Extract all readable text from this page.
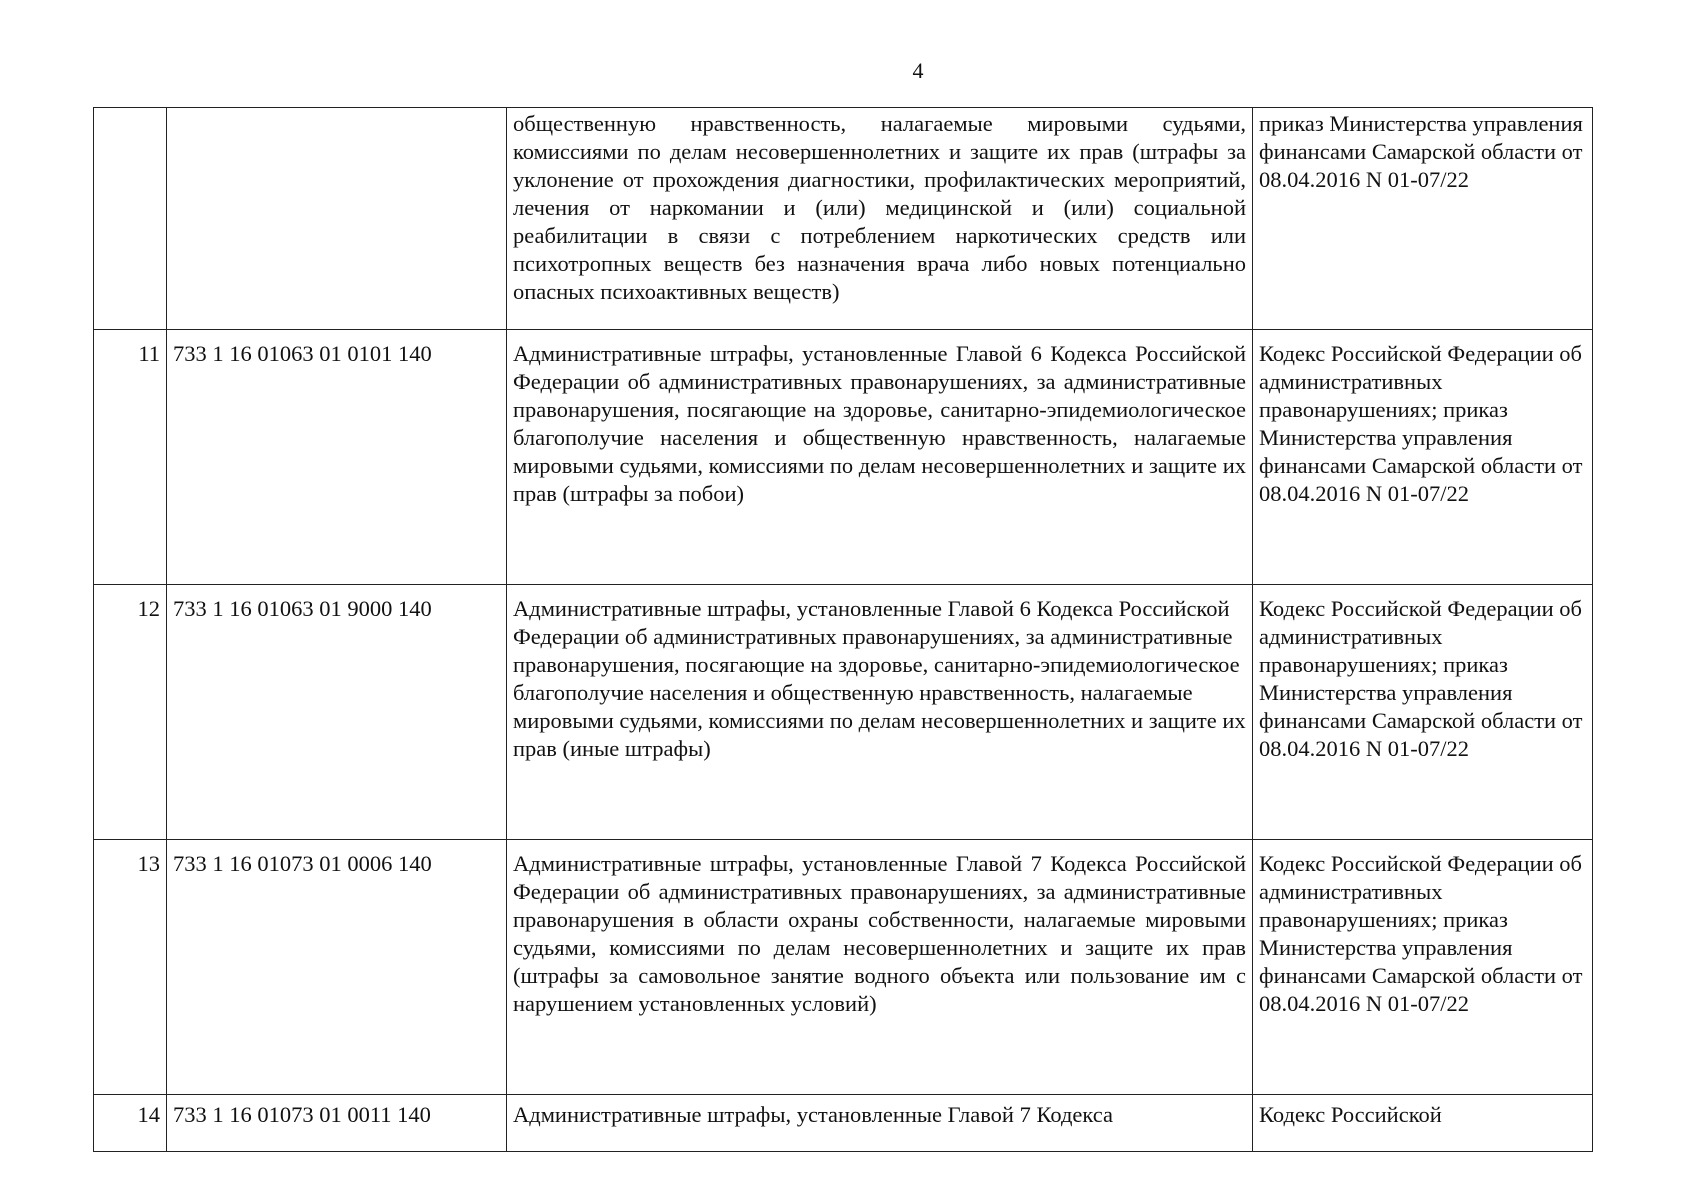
4
		общественную нравственность, налагаемые мировыми судьями, комиссиями по делам несовершеннолетних и защите их прав (штрафы за уклонение от прохождения диагностики, профилактических мероприятий, лечения от наркомании и (или) медицинской и (или) социальной реабилитации в связи с потреблением наркотических средств или психотропных веществ без назначения врача либо новых потенциально опасных психоактивных веществ)	приказ Министерства управления финансами Самарской области от 08.04.2016 N 01-07/22
11	733 1 16 01063 01 0101 140	Административные штрафы, установленные Главой 6 Кодекса Российской Федерации об административных правонарушениях, за административные правонарушения, посягающие на здоровье, санитарно-эпидемиологическое благополучие населения и общественную нравственность, налагаемые мировыми судьями, комиссиями по делам несовершеннолетних и защите их прав (штрафы за побои)	Кодекс Российской Федерации об административных правонарушениях; приказ Министерства управления финансами Самарской области от 08.04.2016 N 01-07/22
12	733 1 16 01063 01 9000 140	Административные штрафы, установленные Главой 6 Кодекса Российской Федерации об административных правонарушениях, за административные правонарушения, посягающие на здоровье, санитарно-эпидемиологическое благополучие населения и общественную нравственность, налагаемые мировыми судьями, комиссиями по делам несовершеннолетних и защите их прав (иные штрафы)	Кодекс Российской Федерации об административных правонарушениях; приказ Министерства управления финансами Самарской области от 08.04.2016 N 01-07/22
13	733 1 16 01073 01 0006 140	Административные штрафы, установленные Главой 7 Кодекса Российской Федерации об административных правонарушениях, за административные правонарушения в области охраны собственности, налагаемые мировыми судьями, комиссиями по делам несовершеннолетних и защите их прав (штрафы за самовольное занятие водного объекта или пользование им с нарушением установленных условий)	Кодекс Российской Федерации об административных правонарушениях; приказ Министерства управления финансами Самарской области от 08.04.2016 N 01-07/22
14	733 1 16 01073 01 0011 140	Административные штрафы, установленные Главой 7 Кодекса	Кодекс Российской
